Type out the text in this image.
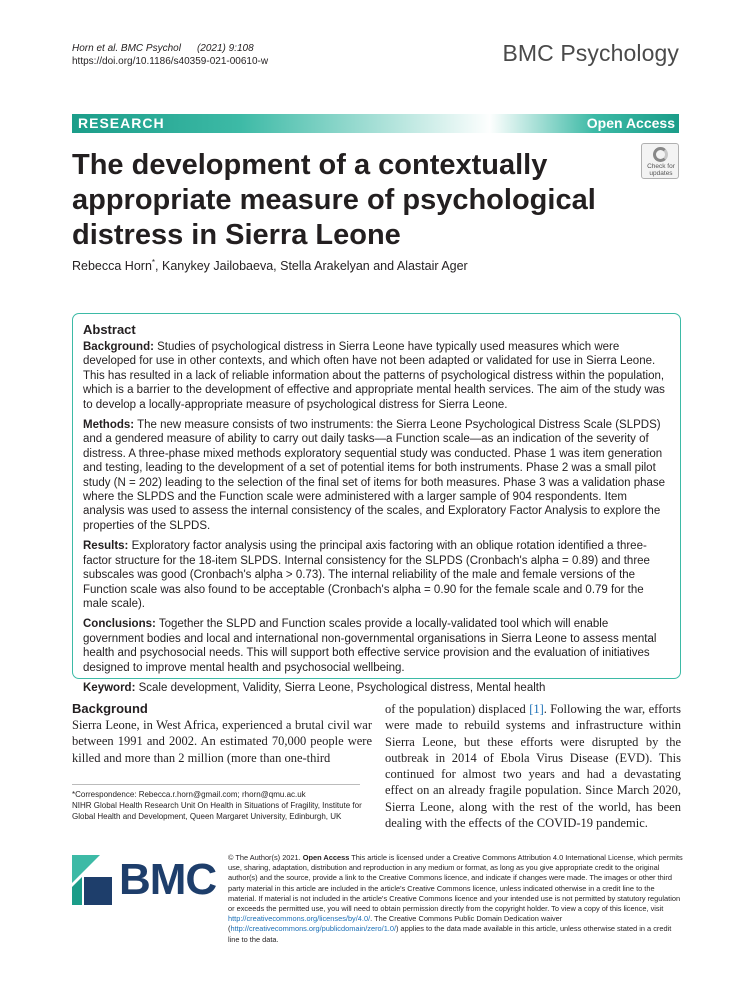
Horn et al. BMC Psychol (2021) 9:108
https://doi.org/10.1186/s40359-021-00610-w	BMC Psychology
RESEARCH	Open Access
The development of a contextually appropriate measure of psychological distress in Sierra Leone
Check for
updates
Rebecca Horn*, Kanykey Jailobaeva, Stella Arakelyan and Alastair Ager
Abstract

Background: Studies of psychological distress in Sierra Leone have typically used measures which were developed for use in other contexts, and which often have not been adapted or validated for use in Sierra Leone. This has resulted in a lack of reliable information about the patterns of psychological distress within the population, which is a barrier to the development of effective and appropriate mental health services. The aim of the study was to develop a locally-appropriate measure of psychological distress for Sierra Leone.

Methods: The new measure consists of two instruments: the Sierra Leone Psychological Distress Scale (SLPDS) and a gendered measure of ability to carry out daily tasks—a Function scale—as an indication of the severity of distress. A three-phase mixed methods exploratory sequential study was conducted. Phase 1 was item generation and testing, leading to the development of a set of potential items for both instruments. Phase 2 was a small pilot study (N = 202) leading to the selection of the final set of items for both measures. Phase 3 was a validation phase where the SLPDS and the Function scale were administered with a larger sample of 904 respondents. Item analysis was used to assess the internal consistency of the scales, and Exploratory Factor Analysis to explore the properties of the SLPDS.

Results: Exploratory factor analysis using the principal axis factoring with an oblique rotation identified a three-factor structure for the 18-item SLPDS. Internal consistency for the SLPDS (Cronbach's alpha = 0.89) and three subscales was good (Cronbach's alpha > 0.73). The internal reliability of the male and female versions of the Function scale was also found to be acceptable (Cronbach's alpha = 0.90 for the female scale and 0.79 for the male scale).

Conclusions: Together the SLPD and Function scales provide a locally-validated tool which will enable government bodies and local and international non-governmental organisations in Sierra Leone to assess mental health and psychosocial needs. This will support both effective service provision and the evaluation of initiatives designed to improve mental health and psychosocial wellbeing.

Keyword: Scale development, Validity, Sierra Leone, Psychological distress, Mental health

Background

Sierra Leone, in West Africa, experienced a brutal civil war between 1991 and 2002. An estimated 70,000 people were killed and more than 2 million (more than one-third

of the population) displaced [1]. Following the war, efforts were made to rebuild systems and infrastructure within Sierra Leone, but these efforts were disrupted by the outbreak in 2014 of Ebola Virus Disease (EVD). This continued for almost two years and had a devastating effect on an already fragile population. Since March 2020, Sierra Leone, along with the rest of the world, has been dealing with the effects of the COVID-19 pandemic.

*Correspondence: Rebecca.r.horn@gmail.com; rhorn@qmu.ac.uk
NIHR Global Health Research Unit On Health in Situations of Fragility, Institute for Global Health and Development, Queen Margaret University, Edinburgh, UK
BMC © The Author(s) 2021. Open Access This article is licensed under a Creative Commons Attribution 4.0 International License, which permits use, sharing, adaptation, distribution and reproduction in any medium or format, as long as you give appropriate credit to the original author(s) and the source, provide a link to the Creative Commons licence, and indicate if changes were made. The images or other third party material in this article are included in the article's Creative Commons licence, unless indicated otherwise in a credit line to the material. If material is not included in the article's Creative Commons licence and your intended use is not permitted by statutory regulation or exceeds the permitted use, you will need to obtain permission directly from the copyright holder. To view a copy of this licence, visit http://creativecommons.org/licenses/by/4.0/. The Creative Commons Public Domain Dedication waiver (http://creativecommons.org/publicdomain/zero/1.0/) applies to the data made available in this article, unless otherwise stated in a credit line to the data.
